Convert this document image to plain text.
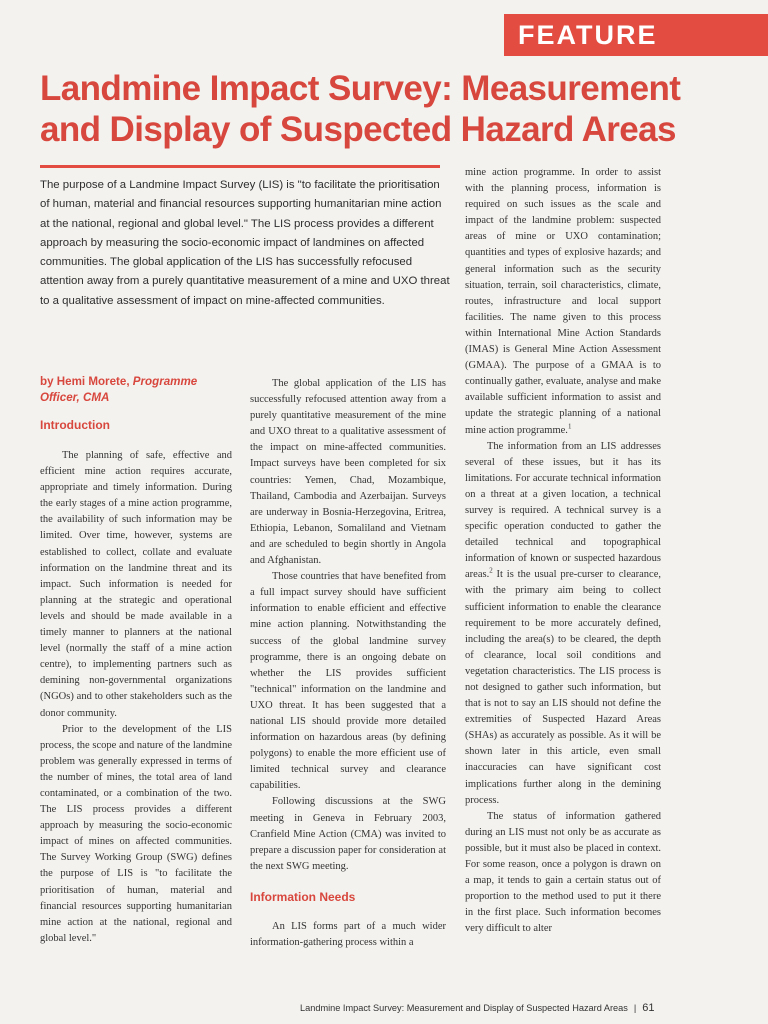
FEATURE
Landmine Impact Survey: Measurement and Display of Suspected Hazard Areas

The purpose of a Landmine Impact Survey (LIS) is "to facilitate the prioritisation of human, material and financial resources supporting humanitarian mine action at the national, regional and global level." The LIS process provides a different approach by measuring the socio-economic impact of landmines on affected communities. The global application of the LIS has successfully refocused attention away from a purely quantitative measurement of a mine and UXO threat to a qualitative assessment of impact on mine-affected communities.

by Hemi Morete, Programme Officer, CMA

Introduction

The planning of safe, effective and efficient mine action requires accurate, appropriate and timely information. During the early stages of a mine action programme, the availability of such information may be limited. Over time, however, systems are established to collect, collate and evaluate information on the landmine threat and its impact. Such information is needed for planning at the strategic and operational levels and should be made available in a timely manner to planners at the national level (normally the staff of a mine action centre), to implementing partners such as demining non-governmental organizations (NGOs) and to other stakeholders such as the donor community.

Prior to the development of the LIS process, the scope and nature of the landmine problem was generally expressed in terms of the number of mines, the total area of land contaminated, or a combination of the two. The LIS process provides a different approach by measuring the socio-economic impact of mines on affected communities. The Survey Working Group (SWG) defines the purpose of LIS is "to facilitate the prioritisation of human, material and financial resources supporting humanitarian mine action at the national, regional and global level."

The global application of the LIS has successfully refocused attention away from a purely quantitative measurement of the mine and UXO threat to a qualitative assessment of the impact on mine-affected communities. Impact surveys have been completed for six countries: Yemen, Chad, Mozambique, Thailand, Cambodia and Azerbaijan. Surveys are underway in Bosnia-Herzegovina, Eritrea, Ethiopia, Lebanon, Somaliland and Vietnam and are scheduled to begin shortly in Angola and Afghanistan.

Those countries that have benefited from a full impact survey should have sufficient information to enable efficient and effective mine action planning. Notwithstanding the success of the global landmine survey programme, there is an ongoing debate on whether the LIS provides sufficient "technical" information on the landmine and UXO threat. It has been suggested that a national LIS should provide more detailed information on hazardous areas (by defining polygons) to enable the more efficient use of limited technical survey and clearance capabilities.

Following discussions at the SWG meeting in Geneva in February 2003, Cranfield Mine Action (CMA) was invited to prepare a discussion paper for consideration at the next SWG meeting.

Information Needs

An LIS forms part of a much wider information-gathering process within a

mine action programme. In order to assist with the planning process, information is required on such issues as the scale and impact of the landmine problem: suspected areas of mine or UXO contamination; quantities and types of explosive hazards; and general information such as the security situation, terrain, soil characteristics, climate, routes, infrastructure and local support facilities. The name given to this process within International Mine Action Standards (IMAS) is General Mine Action Assessment (GMAA). The purpose of a GMAA is to continually gather, evaluate, analyse and make available sufficient information to assist and update the strategic planning of a national mine action programme.$^1$

The information from an LIS addresses several of these issues, but it has its limitations. For accurate technical information on a threat at a given location, a technical survey is required. A technical survey is a specific operation conducted to gather the detailed technical and topographical information of known or suspected hazardous areas.$^2$ It is the usual pre-curser to clearance, with the primary aim being to collect sufficient information to enable the clearance requirement to be more accurately defined, including the area(s) to be cleared, the depth of clearance, local soil conditions and vegetation characteristics. The LIS process is not designed to gather such information, but that is not to say an LIS should not define the extremities of Suspected Hazard Areas (SHAs) as accurately as possible. As it will be shown later in this article, even small inaccuracies can have significant cost implications further along in the demining process.

The status of information gathered during an LIS must not only be as accurate as possible, but it must also be placed in context. For some reason, once a polygon is drawn on a map, it tends to gain a certain status out of proportion to the method used to put it there in the first place. Such information becomes very difficult to alter

Landmine Impact Survey: Measurement and Display of Suspected Hazard Areas | 61
